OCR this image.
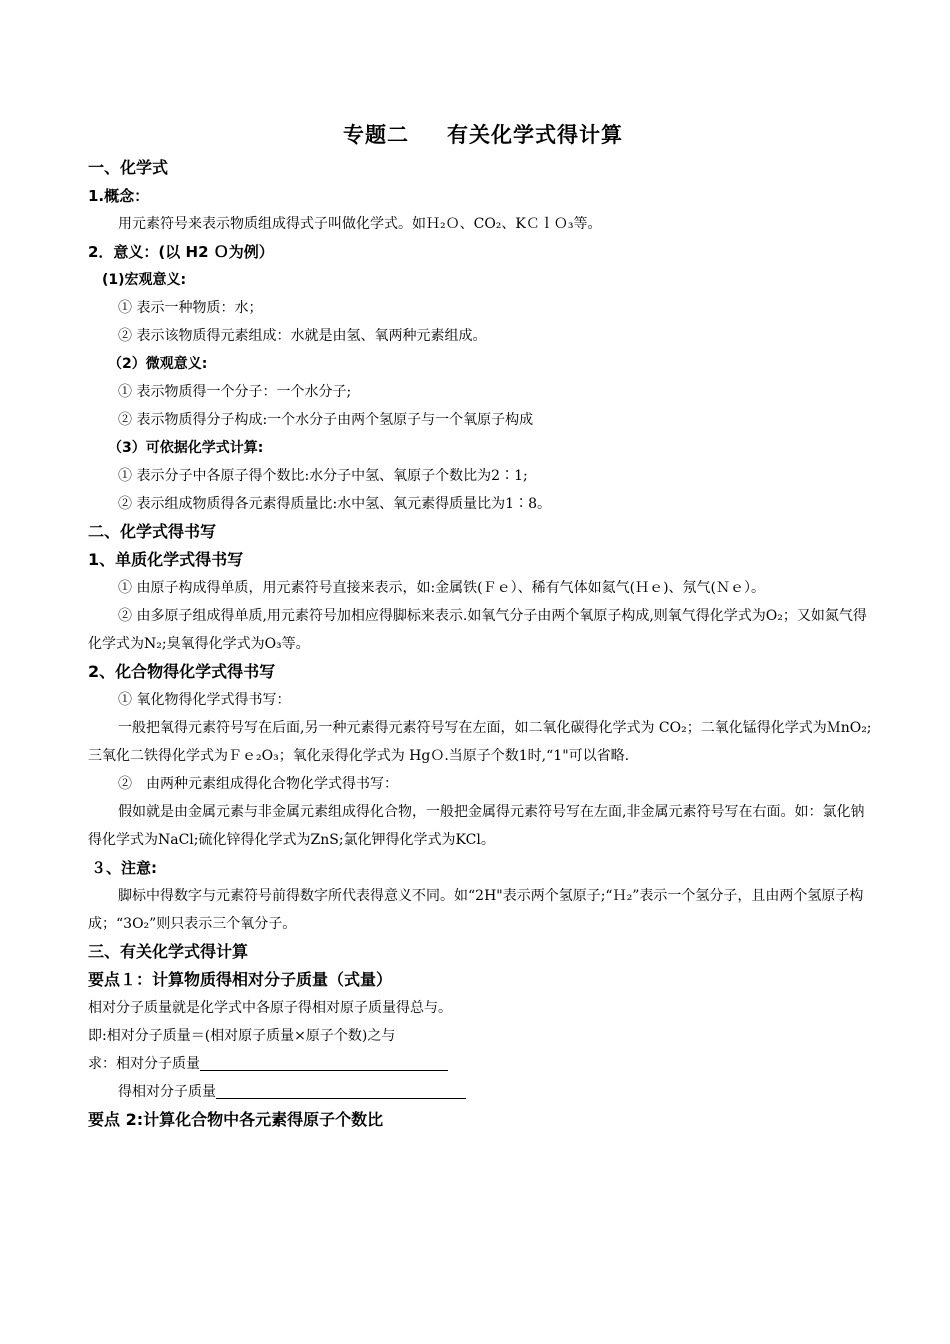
专题二 有关化学式得计算
一、化学式
1.概念：

用元素符号来表示物质组成得式子叫做化学式。如Ｈ₂Ｏ、CO₂、KＣｌＯ₃等。

2．意义：(以 H2 Ｏ为例）
(1)宏观意义:

① 表示一种物质：水；

② 表示该物质得元素组成：水就是由氢、氧两种元素组成。

（2）微观意义:

① 表示物质得一个分子：一个水分子;

② 表示物质得分子构成:一个水分子由两个氢原子与一个氧原子构成

（3）可依据化学式计算:

① 表示分子中各原子得个数比:水分子中氢、氧原子个数比为2∶1;

② 表示组成物质得各元素得质量比:水中氢、氧元素得质量比为1∶8。

二、化学式得书写
1、单质化学式得书写

① 由原子构成得单质，用元素符号直接来表示，如:金属铁(Ｆｅ）、稀有气体如氦气(Ｈｅ)、氖气(Ｎｅ）。

② 由多原子组成得单质,用元素符号加相应得脚标来表示.如氧气分子由两个氧原子构成,则氧气得化学式为O₂；又如氮气得化学式为N₂;臭氧得化学式为O₃等。

2、化合物得化学式得书写

① 氧化物得化学式得书写：

一般把氧得元素符号写在后面,另一种元素得元素符号写在左面，如二氧化碳得化学式为 CO₂；二氧化锰得化学式为ＭnO₂;三氧化二铁得化学式为Ｆｅ₂O₃；氧化汞得化学式为 HgＯ.当原子个数1时,“1"可以省略.

②　由两种元素组成得化合物化学式得书写：

假如就是由金属元素与非金属元素组成得化合物，一般把金属得元素符号写在左面,非金属元素符号写在右面。如：氯化钠得化学式为NaCl;硫化锌得化学式为ZnS;氯化钾得化学式为KCl。

３、注意:

脚标中得数字与元素符号前得数字所代表得意义不同。如“2H"表示两个氢原子;“Ｈ₂”表示一个氢分子，且由两个氢原子构成；“3O₂”则只表示三个氧分子。

三、有关化学式得计算
要点１：计算物质得相对分子质量（式量）

相对分子质量就是化学式中各原子得相对原子质量得总与。

即:相对分子质量＝(相对原子质量×原子个数)之与

求：相对分子质量

得相对分子质量

要点 2:计算化合物中各元素得原子个数比
